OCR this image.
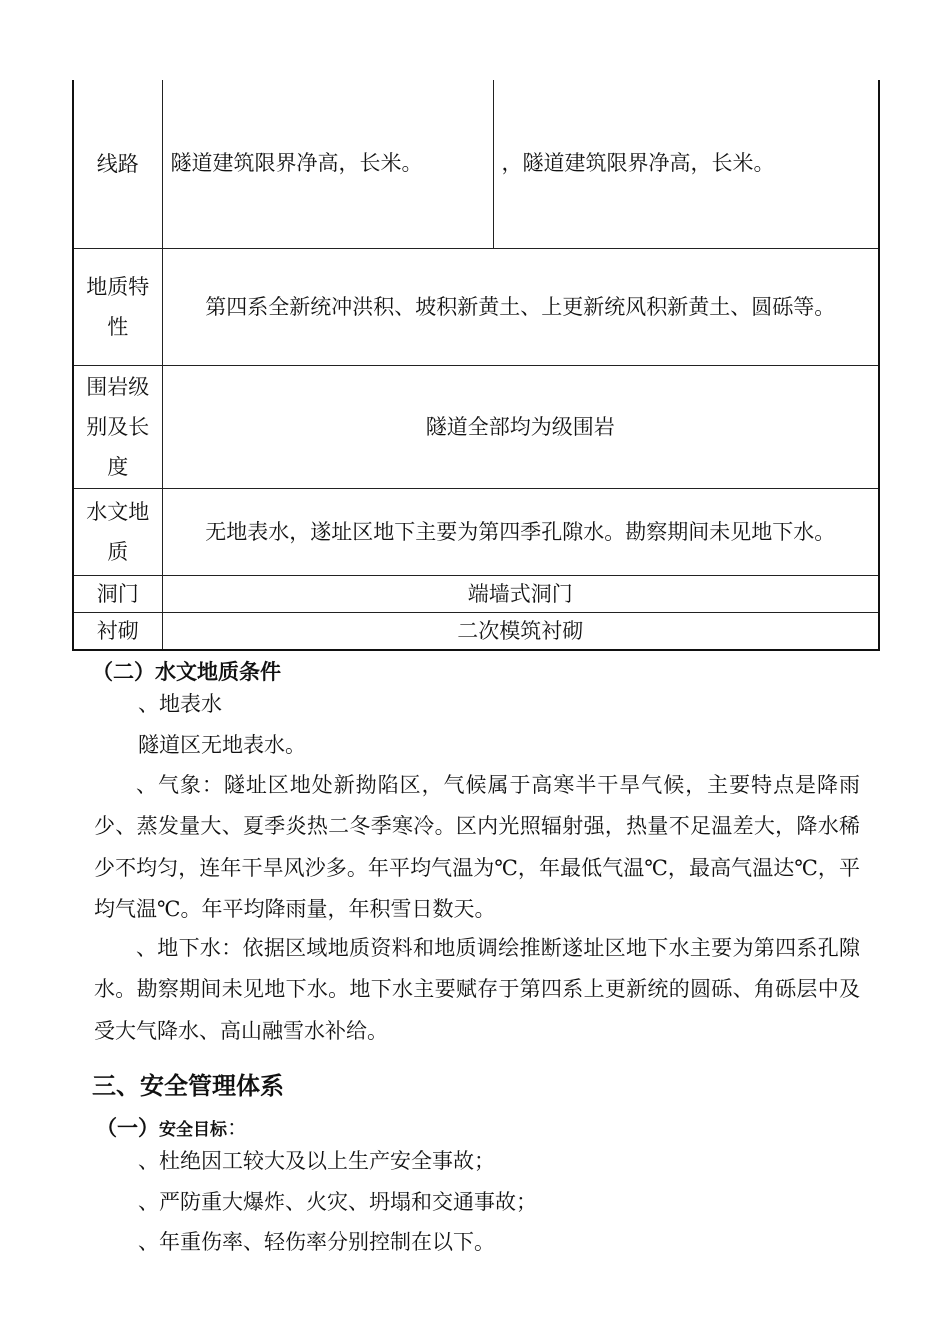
线路	隧道建筑限界净高，长米。	，隧道建筑限界净高，长米。

地质特性	第四系全新统冲洪积、坡积新黄土、上更新统风积新黄土、圆砾等。	
围岩级别及长度	隧道全部均为级围岩	
水文地质	无地表水，遂址区地下主要为第四季孔隙水。勘察期间未见地下水。	
洞门	端墙式洞门	
衬砌	二次模筑衬砌	
（二）水文地质条件
、地表水
隧道区无地表水。
、气象：隧址区地处新拗陷区，气候属于高寒半干旱气候，主要特点是降雨少、蒸发量大、夏季炎热二冬季寒冷。区内光照辐射强，热量不足温差大，降水稀少不均匀，连年干旱风沙多。年平均气温为℃，年最低气温℃，最高气温达℃，平均气温℃。年平均降雨量，年积雪日数天。
、地下水：依据区域地质资料和地质调绘推断遂址区地下水主要为第四系孔隙水。勘察期间未见地下水。地下水主要赋存于第四系上更新统的圆砾、角砾层中及受大气降水、高山融雪水补给。
三、安全管理体系
（一）安全目标：
、杜绝因工较大及以上生产安全事故；
、严防重大爆炸、火灾、坍塌和交通事故；
、年重伤率、轻伤率分别控制在以下。
